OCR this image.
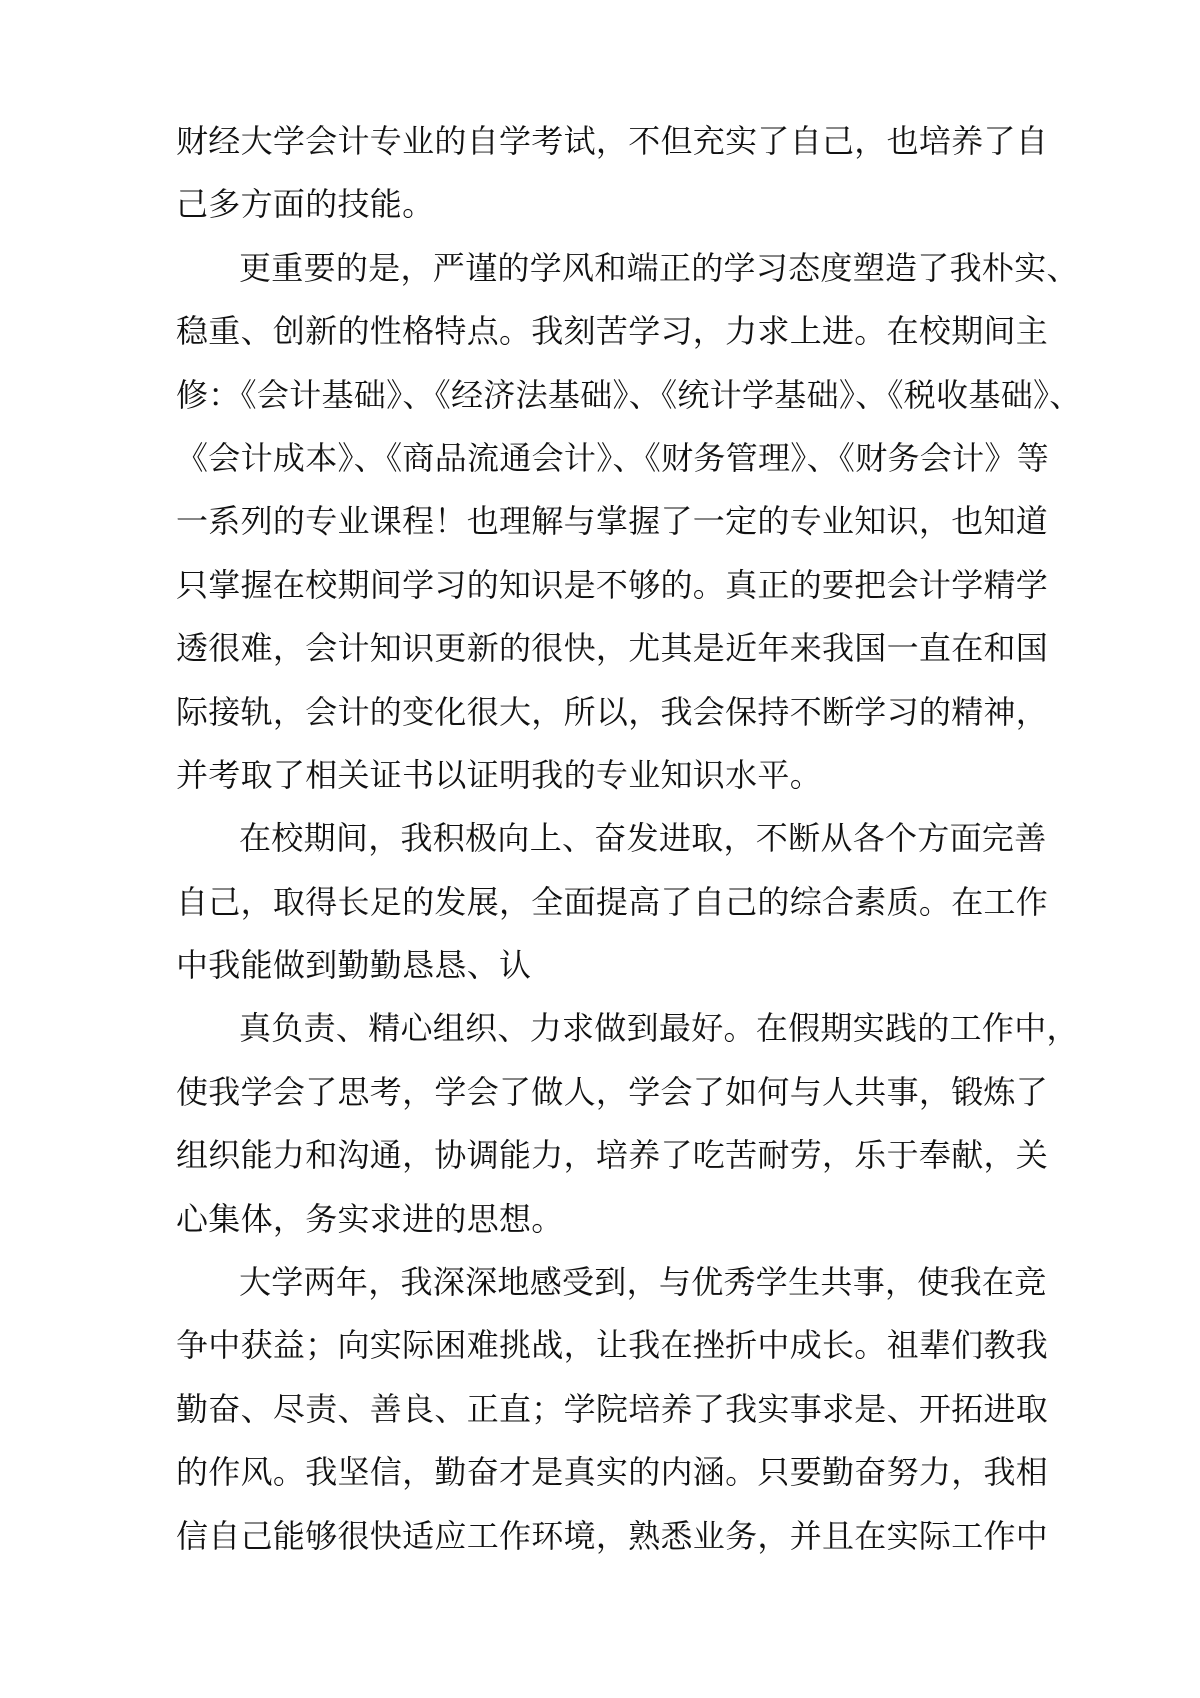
财经大学会计专业的自学考试，不但充实了自己，也培养了自
己多方面的技能。
更重要的是，严谨的学风和端正的学习态度塑造了我朴实、
稳重、创新的性格特点。我刻苦学习，力求上进。在校期间主
修：《会计基础》、《经济法基础》、《统计学基础》、《税收基础》、
《会计成本》、《商品流通会计》、《财务管理》、《财务会计》等
一系列的专业课程！也理解与掌握了一定的专业知识，也知道
只掌握在校期间学习的知识是不够的。真正的要把会计学精学
透很难，会计知识更新的很快，尤其是近年来我国一直在和国
际接轨，会计的变化很大，所以，我会保持不断学习的精神，
并考取了相关证书以证明我的专业知识水平。
在校期间，我积极向上、奋发进取，不断从各个方面完善
自己，取得长足的发展，全面提高了自己的综合素质。在工作
中我能做到勤勤恳恳、认
真负责、精心组织、力求做到最好。在假期实践的工作中，
使我学会了思考，学会了做人，学会了如何与人共事，锻炼了
组织能力和沟通，协调能力，培养了吃苦耐劳，乐于奉献，关
心集体，务实求进的思想。
大学两年，我深深地感受到，与优秀学生共事，使我在竞
争中获益；向实际困难挑战，让我在挫折中成长。祖辈们教我
勤奋、尽责、善良、正直；学院培养了我实事求是、开拓进取
的作风。我坚信，勤奋才是真实的内涵。只要勤奋努力，我相
信自己能够很快适应工作环境，熟悉业务，并且在实际工作中
